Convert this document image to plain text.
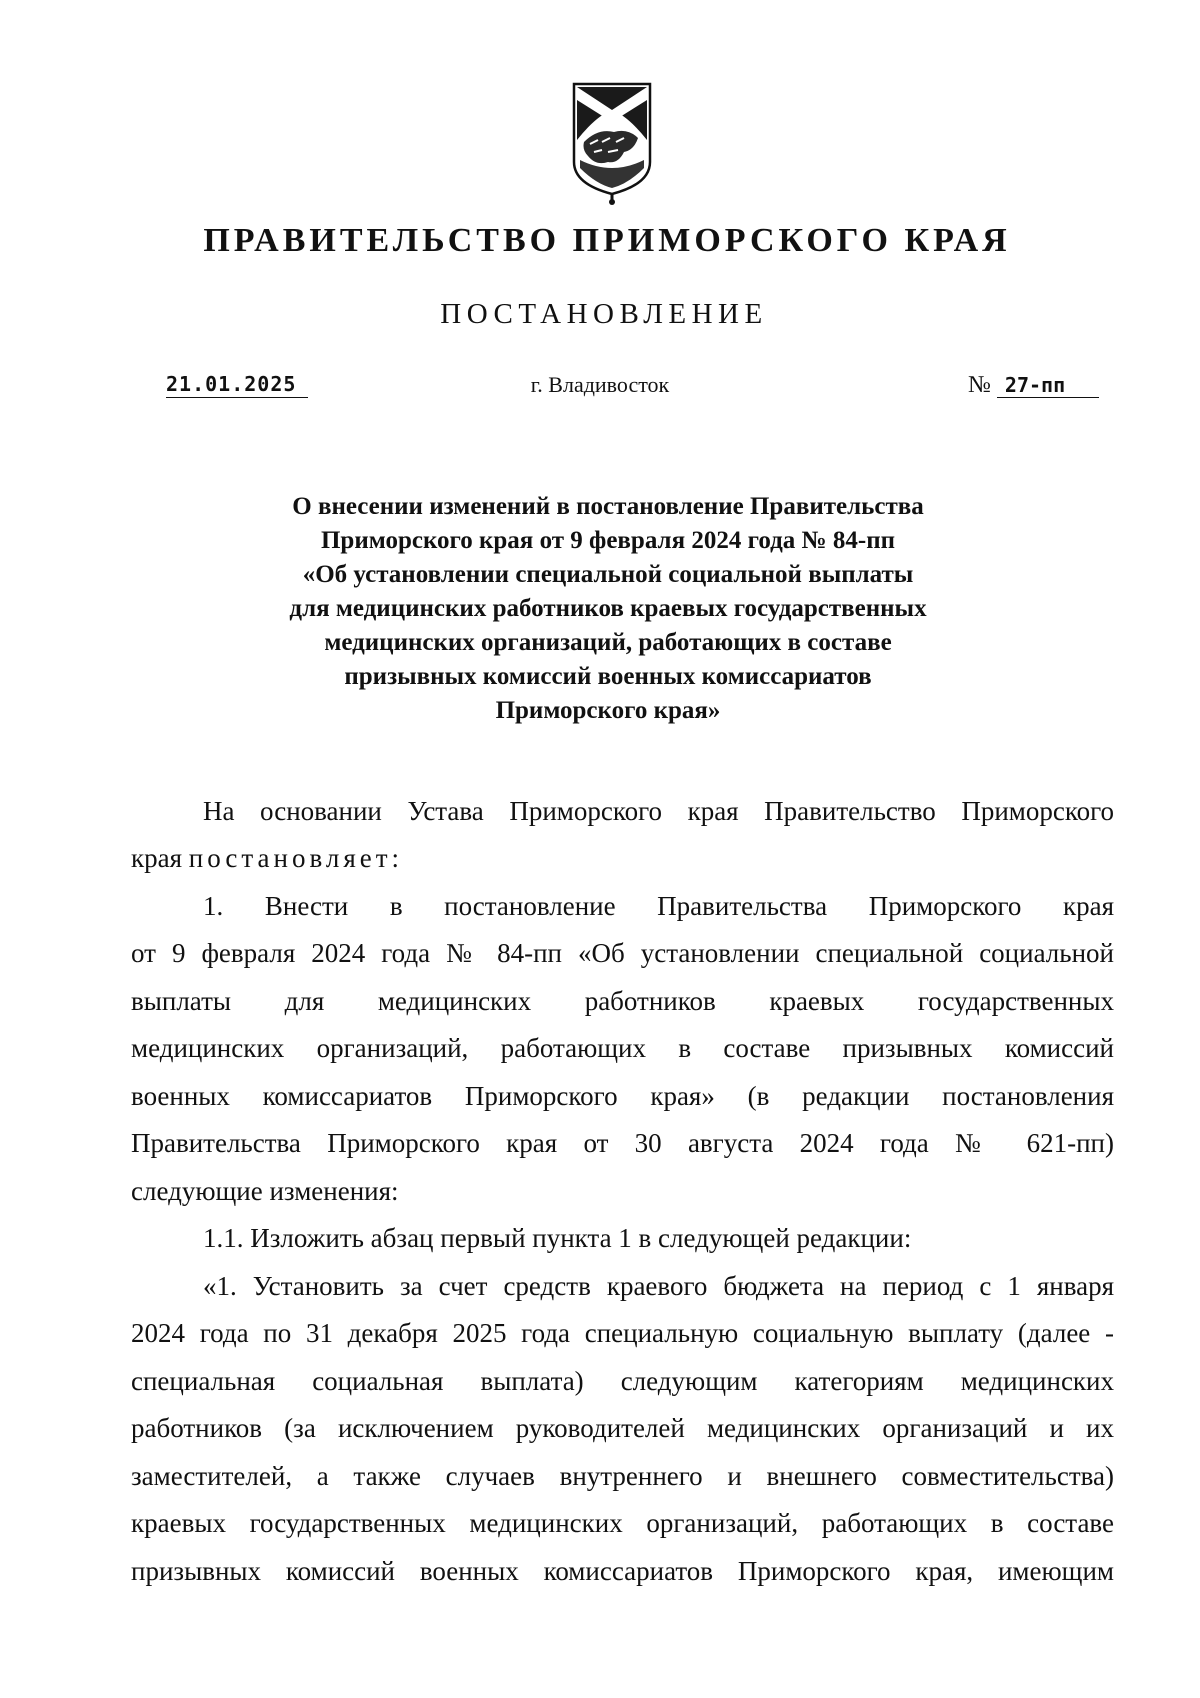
ПРАВИТЕЛЬСТВО ПРИМОРСКОГО КРАЯ
ПОСТАНОВЛЕНИЕ
21.01.2025	г. Владивосток	№ 27-пп
О внесении изменений в постановление Правительства
Приморского края от 9 февраля 2024 года № 84-пп
«Об установлении специальной социальной выплаты
для медицинских работников краевых государственных
медицинских организаций, работающих в составе
призывных комиссий военных комиссариатов
Приморского края»
На основании Устава Приморского края Правительство Приморского
края постановляет:
1. Внести в постановление Правительства Приморского края
от 9 февраля 2024 года № 84-пп «Об установлении специальной социальной
выплаты для медицинских работников краевых государственных
медицинских организаций, работающих в составе призывных комиссий
военных комиссариатов Приморского края» (в редакции постановления
Правительства Приморского края от 30 августа 2024 года № 621-пп)
следующие изменения:
1.1. Изложить абзац первый пункта 1 в следующей редакции:
«1. Установить за счет средств краевого бюджета на период с 1 января
2024 года по 31 декабря 2025 года специальную социальную выплату (далее -
специальная социальная выплата) следующим категориям медицинских
работников (за исключением руководителей медицинских организаций и их
заместителей, а также случаев внутреннего и внешнего совместительства)
краевых государственных медицинских организаций, работающих в составе
призывных комиссий военных комиссариатов Приморского края, имеющим
